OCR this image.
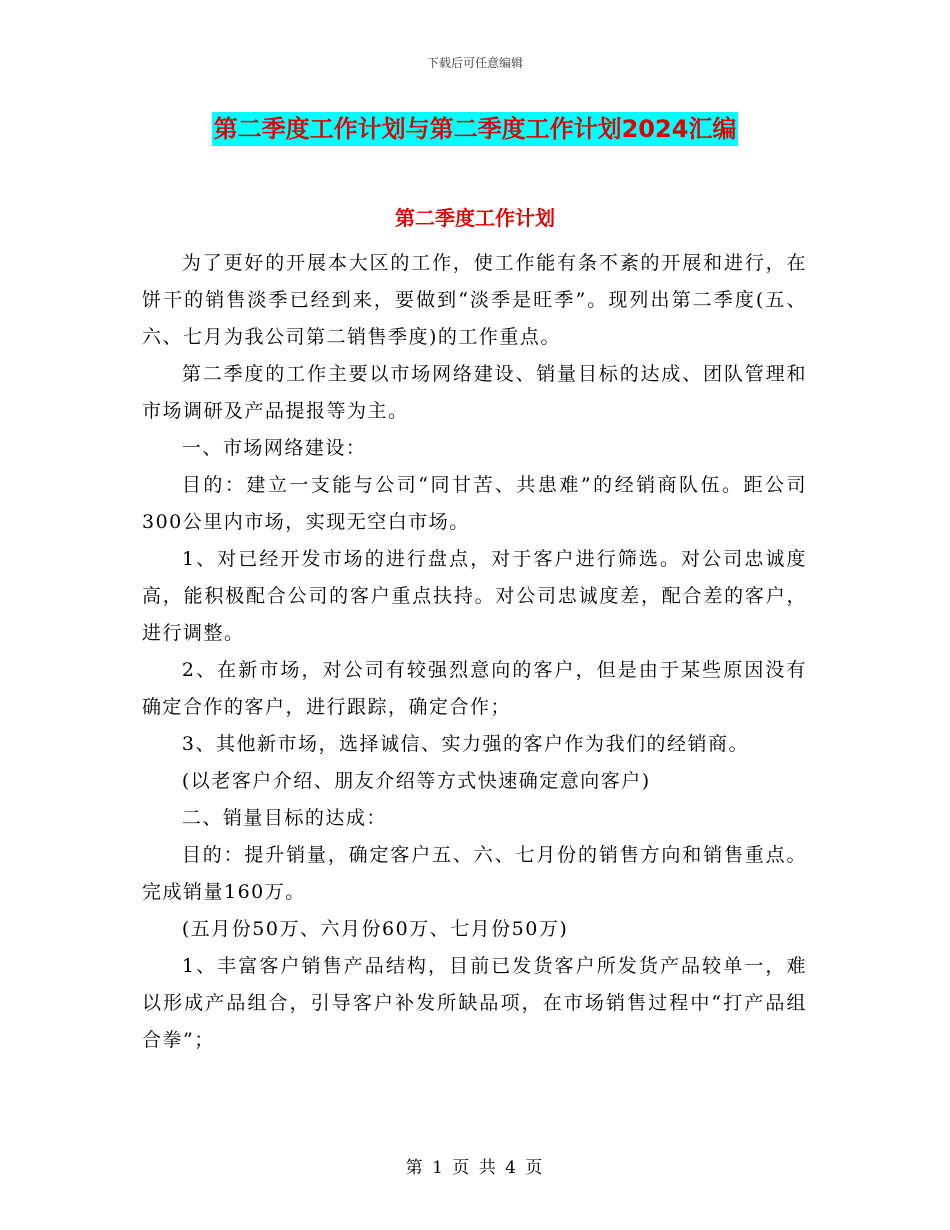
下载后可任意编辑
第二季度工作计划与第二季度工作计划2024汇编
第二季度工作计划

为了更好的开展本大区的工作，使工作能有条不紊的开展和进行，在饼干的销售淡季已经到来，要做到“淡季是旺季”。现列出第二季度(五、六、七月为我公司第二销售季度)的工作重点。

第二季度的工作主要以市场网络建设、销量目标的达成、团队管理和市场调研及产品提报等为主。

一、市场网络建设：

目的：建立一支能与公司“同甘苦、共患难”的经销商队伍。距公司300公里内市场，实现无空白市场。

1、对已经开发市场的进行盘点，对于客户进行筛选。对公司忠诚度高，能积极配合公司的客户重点扶持。对公司忠诚度差，配合差的客户，进行调整。

2、在新市场，对公司有较强烈意向的客户，但是由于某些原因没有确定合作的客户，进行跟踪，确定合作；

3、其他新市场，选择诚信、实力强的客户作为我们的经销商。

(以老客户介绍、朋友介绍等方式快速确定意向客户)

二、销量目标的达成：

目的：提升销量，确定客户五、六、七月份的销售方向和销售重点。完成销量160万。

(五月份50万、六月份60万、七月份50万)

1、丰富客户销售产品结构，目前已发货客户所发货产品较单一，难以形成产品组合，引导客户补发所缺品项，在市场销售过程中“打产品组合拳”；

第 1 页 共 4 页
